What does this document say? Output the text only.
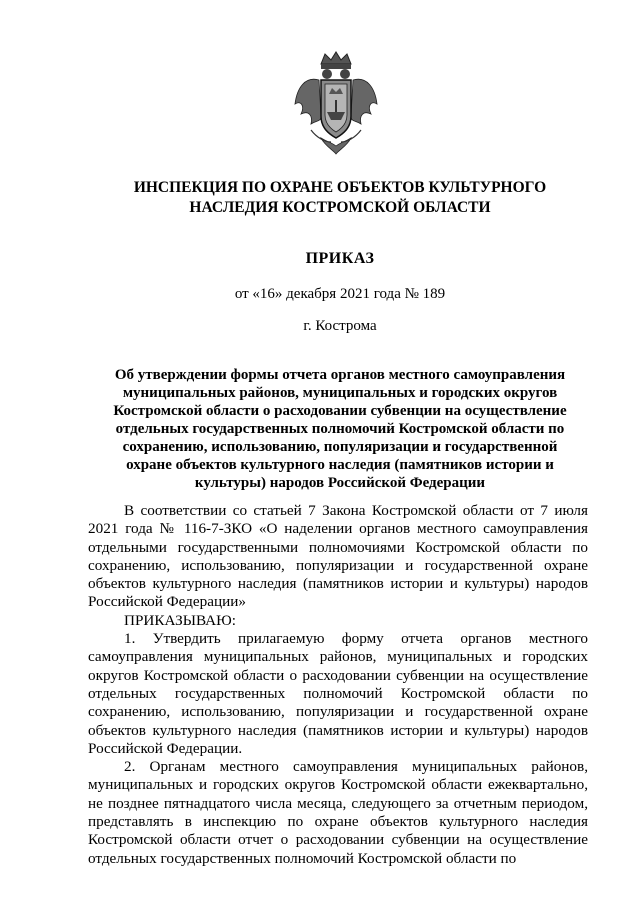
ИНСПЕКЦИЯ ПО ОХРАНЕ ОБЪЕКТОВ КУЛЬТУРНОГО НАСЛЕДИЯ КОСТРОМСКОЙ ОБЛАСТИ
ПРИКАЗ
от «16» декабря 2021 года № 189
г. Кострома
Об утверждении формы отчета органов местного самоуправления муниципальных районов, муниципальных и городских округов Костромской области о расходовании субвенции на осуществление отдельных государственных полномочий Костромской области по сохранению, использованию, популяризации и государственной охране объектов культурного наследия (памятников истории и культуры) народов Российской Федерации

В соответствии со статьей 7 Закона Костромской области от 7 июля 2021 года № 116-7-ЗКО «О наделении органов местного самоуправления отдельными государственными полномочиями Костромской области по сохранению, использованию, популяризации и государственной охране объектов культурного наследия (памятников истории и культуры) народов Российской Федерации»

ПРИКАЗЫВАЮ:

1. Утвердить прилагаемую форму отчета органов местного самоуправления муниципальных районов, муниципальных и городских округов Костромской области о расходовании субвенции на осуществление отдельных государственных полномочий Костромской области по сохранению, использованию, популяризации и государственной охране объектов культурного наследия (памятников истории и культуры) народов Российской Федерации.

2. Органам местного самоуправления муниципальных районов, муниципальных и городских округов Костромской области ежеквартально, не позднее пятнадцатого числа месяца, следующего за отчетным периодом, представлять в инспекцию по охране объектов культурного наследия Костромской области отчет о расходовании субвенции на осуществление отдельных государственных полномочий Костромской области по
